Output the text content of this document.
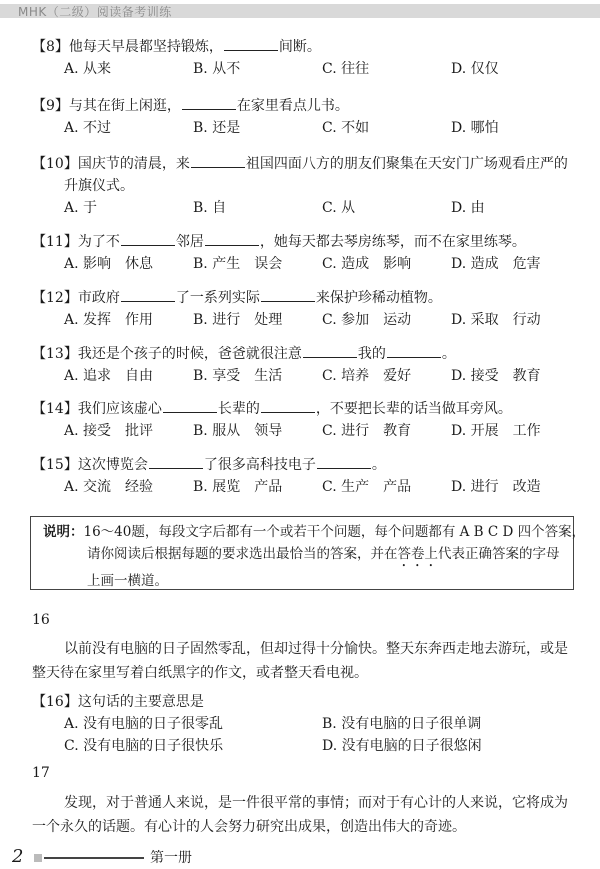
MHK（二级）阅读备考训练
【8】他每天早晨都坚持锻炼，	间断。
A. 从来	B. 从不	C. 往往	D. 仅仅
【9】与其在街上闲逛，	在家里看点儿书。
A. 不过	B. 还是	C. 不如	D. 哪怕
【10】国庆节的清晨，来	祖国四面八方的朋友们聚集在天安门广场观看庄严的升旗仪式。
A. 于	B. 自	C. 从	D. 由
【11】为了不	邻居	，她每天都去琴房练琴，而不在家里练琴。
A. 影响　休息	B. 产生　误会	C. 造成　影响	D. 造成　危害
【12】市政府	了一系列实际	来保护珍稀动植物。
A. 发挥　作用	B. 进行　处理	C. 参加　运动	D. 采取　行动
【13】我还是个孩子的时候，爸爸就很注意	我的	。
A. 追求　自由	B. 享受　生活	C. 培养　爱好	D. 接受　教育
【14】我们应该虚心	长辈的	，不要把长辈的话当做耳旁风。
A. 接受　批评	B. 服从　领导	C. 进行　教育	D. 开展　工作
【15】这次博览会	了很多高科技电子	。
A. 交流　经验	B. 展览　产品	C. 生产　产品	D. 进行　改造
说明：16～40题，每段文字后都有一个或若干个问题，每个问题都有 A B C D 四个答案，
请你阅读后根据每题的要求选出最恰当的答案，并在答卷上代表正确答案的字母
上画一横道。
16
以前没有电脑的日子固然零乱，但却过得十分愉快。整天东奔西走地去游玩，或是整天待在家里写着白纸黑字的作文，或者整天看电视。
【16】这句话的主要意思是
A. 没有电脑的日子很零乱	B. 没有电脑的日子很单调
C. 没有电脑的日子很快乐	D. 没有电脑的日子很悠闲
17
发现，对于普通人来说，是一件很平常的事情；而对于有心计的人来说，它将成为一个永久的话题。有心计的人会努力研究出成果，创造出伟大的奇迹。
2	第一册
